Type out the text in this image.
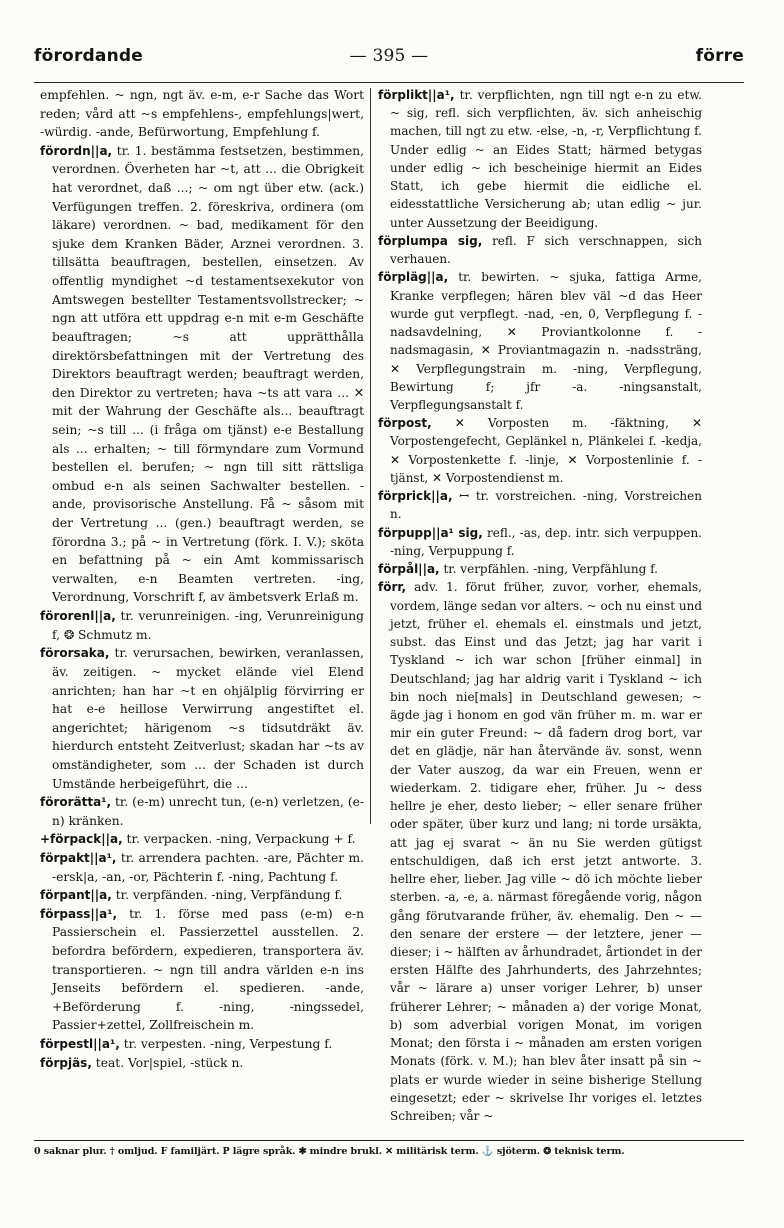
förordande	— 395 —	förre
empfehlen. ~ ngn, ngt äv. e-m, e-r Sache das Wort reden; vård att ~s empfehlens-, empfehlungs|wert, -würdig. -ande, Befürwortung, Empfehlung f.
förordn||a, tr. 1. bestämma festsetzen, bestimmen, verordnen. Överheten har ~t, att ... die Obrigkeit hat verordnet, daß ...; ~ om ngt über etw. (ack.) Verfügungen treffen. 2. föreskriva, ordinera (om läkare) verordnen. ~ bad, medikament för den sjuke dem Kranken Bäder, Arznei verordnen. 3. tillsätta beauftragen, bestellen, einsetzen. Av offentlig myndighet ~d testamentsexekutor von Amtswegen bestellter Testamentsvollstrecker; ~ ngn att utföra ett uppdrag e-n mit e-m Geschäfte beauftragen; ~s att upprätthålla direktörsbefattningen mit der Vertretung des Direktors beauftragt werden; beauftragt werden, den Direktor zu vertreten; hava ~ts att vara ... ✕ mit der Wahrung der Geschäfte als... beauftragt sein; ~s till ... (i fråga om tjänst) e-e Bestallung als ... erhalten; ~ till förmyndare zum Vormund bestellen el. berufen; ~ ngn till sitt rättsliga ombud e-n als seinen Sachwalter bestellen. -ande, provisorische Anstellung. Få ~ såsom mit der Vertretung ... (gen.) beauftragt werden, se förordna 3.; på ~ in Vertretung (förk. I. V.); sköta en befattning på ~ ein Amt kommissarisch verwalten, e-n Beamten vertreten. -ing, Verordnung, Vorschrift f, av ämbetsverk Erlaß m.
förorenl||a, tr. verunreinigen. -ing, Verunreinigung f, ❂ Schmutz m.
förorsaka, tr. verursachen, bewirken, veranlassen, äv. zeitigen. ~ mycket elände viel Elend anrichten; han har ~t en ohjälplig förvirring er hat e-e heillose Verwirrung angestiftet el. angerichtet; härigenom ~s tidsutdräkt äv. hierdurch entsteht Zeitverlust; skadan har ~ts av omständigheter, som ... der Schaden ist durch Umstände herbeigeführt, die ...
förorätta¹, tr. (e-m) unrecht tun, (e-n) verletzen, (e-n) kränken.
+förpack||a, tr. verpacken. -ning, Verpackung + f.
förpakt||a¹, tr. arrendera pachten. -are, Pächter m. -ersk|a, -an, -or, Pächterin f. -ning, Pachtung f.
förpant||a, tr. verpfänden. -ning, Verpfändung f.
förpass||a¹, tr. 1. förse med pass (e-m) e-n Passierschein el. Passierzettel ausstellen. 2. befordra befördern, expedieren, transportera äv. transportieren. ~ ngn till andra världen e-n ins Jenseits befördern el. spedieren. -ande, +Beförderung f. -ning, -ningssedel, Passier+zettel, Zollfreischein m.
förpestl||a¹, tr. verpesten. -ning, Verpestung f.
förpjäs, teat. Vor|spiel, -stück n.
förplikt||a¹, tr. verpflichten, ngn till ngt e-n zu etw. ~ sig, refl. sich verpflichten, äv. sich anheischig machen, till ngt zu etw. -else, -n, -r, Verpflichtung f. Under edlig ~ an Eides Statt; härmed betygas under edlig ~ ich bescheinige hiermit an Eides Statt, ich gebe hiermit die eidliche el. eidesstattliche Versicherung ab; utan edlig ~ jur. unter Aussetzung der Beeidigung.
förplumpa sig, refl. F sich verschnappen, sich verhauen.
förpläg||a, tr. bewirten. ~ sjuka, fattiga Arme, Kranke verpflegen; hären blev väl ~d das Heer wurde gut verpflegt. -nad, -en, 0, Verpflegung f. -nadsavdelning, ✕ Proviantkolonne f. -nadsmagasin, ✕ Proviantmagazin n. -nadssträng, ✕ Verpflegungstrain m. -ning, Verpflegung, Bewirtung f; jfr -a. -ningsanstalt, Verpflegungsanstalt f.
förpost, ✕ Vorposten m. -fäktning, ✕ Vorpostengefecht, Geplänkel n, Plänkelei f. -kedja, ✕ Vorpostenkette f. -linje, ✕ Vorpostenlinie f. -tjänst, ✕ Vorpostendienst m.
förprick||a, ꟷ tr. vorstreichen. -ning, Vorstreichen n.
förpupp||a¹ sig, refl., -as, dep. intr. sich verpuppen. -ning, Verpuppung f.
förpål||a, tr. verpfählen. -ning, Verpfählung f.
förr, adv. 1. förut früher, zuvor, vorher, ehemals, vordem, länge sedan vor alters. ~ och nu einst und jetzt, früher el. ehemals el. einstmals und jetzt, subst. das Einst und das Jetzt; jag har varit i Tyskland ~ ich war schon [früher einmal] in Deutschland; jag har aldrig varit i Tyskland ~ ich bin noch nie[mals] in Deutschland gewesen; ~ ägde jag i honom en god vän früher m. m. war er mir ein guter Freund: ~ då fadern drog bort, var det en glädje, när han återvände äv. sonst, wenn der Vater auszog, da war ein Freuen, wenn er wiederkam. 2. tidigare eher, früher. Ju ~ dess hellre je eher, desto lieber; ~ eller senare früher oder später, über kurz und lang; ni torde ursäkta, att jag ej svarat ~ än nu Sie werden gütigst entschuldigen, daß ich erst jetzt antworte. 3. hellre eher, lieber. Jag ville ~ dö ich möchte lieber sterben. -a, -e, a. närmast föregående vorig, någon gång förutvarande früher, äv. ehemalig. Den ~ — den senare der erstere — der letztere, jener — dieser; i ~ hälften av århundradet, årtiondet in der ersten Hälfte des Jahrhunderts, des Jahrzehntes; vår ~ lärare a) unser voriger Lehrer, b) unser früherer Lehrer; ~ månaden a) der vorige Monat, b) som adverbial vorigen Monat, im vorigen Monat; den första i ~ månaden am ersten vorigen Monats (förk. v. M.); han blev åter insatt på sin ~ plats er wurde wieder in seine bisherige Stellung eingesetzt; eder ~ skrivelse Ihr voriges el. letztes Schreiben; vår ~
0 saknar plur. † omljud. F familjärt. P lägre språk. ✱ mindre brukl. ✕ militärisk term. ⚓ sjöterm. ❂ teknisk term.
